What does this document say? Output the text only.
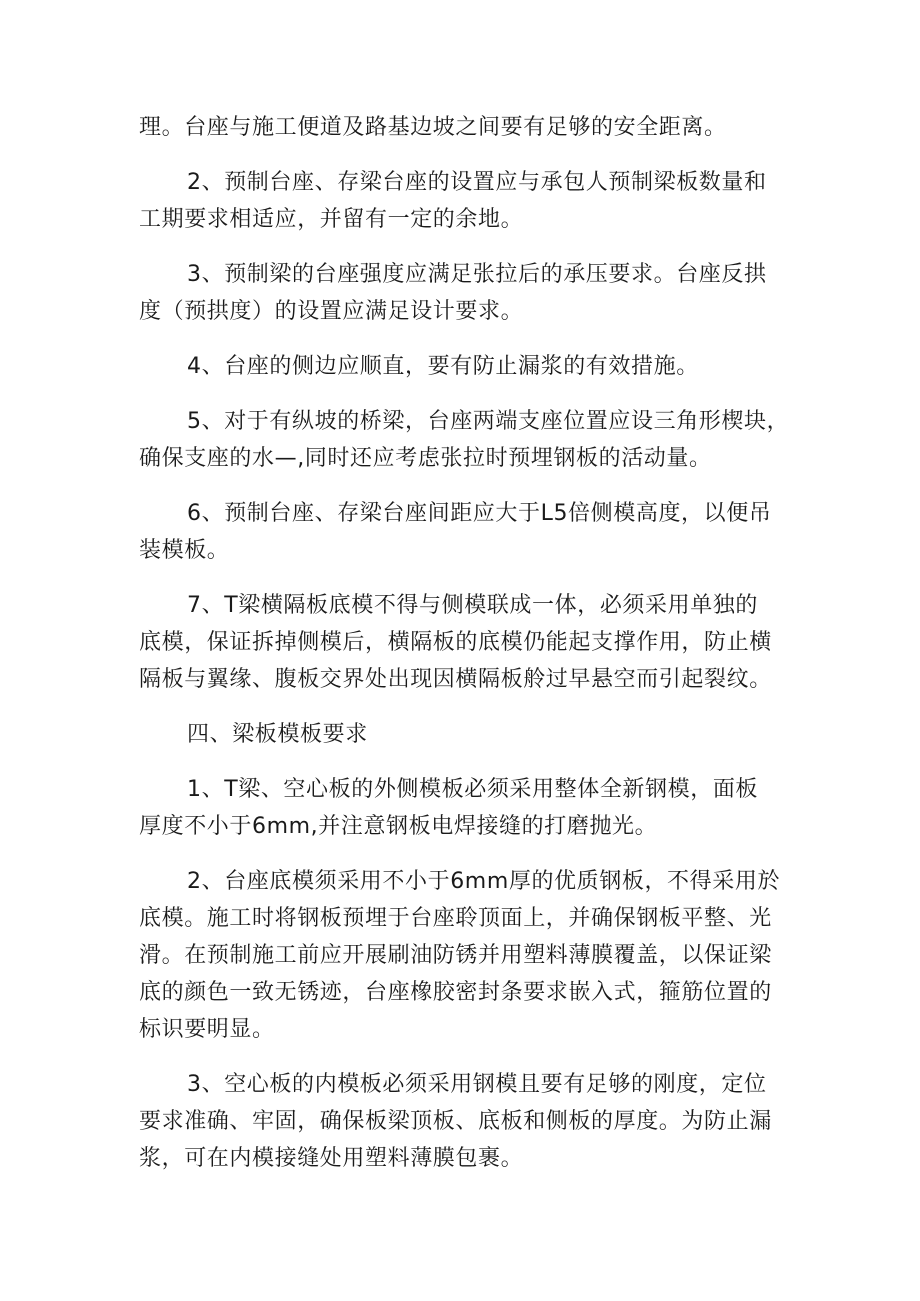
理。台座与施工便道及路基边坡之间要有足够的安全距离。
2、预制台座、存梁台座的设置应与承包人预制梁板数量和
工期要求相适应，并留有一定的余地。
3、预制梁的台座强度应满足张拉后的承压要求。台座反拱
度（预拱度）的设置应满足设计要求。
4、台座的侧边应顺直，要有防止漏浆的有效措施。
5、对于有纵坡的桥梁，台座两端支座位置应设三角形楔块，
确保支座的水—,同时还应考虑张拉时预埋钢板的活动量。
6、预制台座、存梁台座间距应大于L5倍侧模高度，以便吊
装模板。
7、T梁横隔板底模不得与侧模联成一体，必须采用单独的
底模，保证拆掉侧模后，横隔板的底模仍能起支撑作用，防止横
隔板与翼缘、腹板交界处出现因横隔板舲过早悬空而引起裂纹。
四、梁板模板要求
1、T梁、空心板的外侧模板必须采用整体全新钢模，面板
厚度不小于6mm,并注意钢板电焊接缝的打磨抛光。
2、台座底模须采用不小于6mm厚的优质钢板，不得采用於
底模。施工时将钢板预埋于台座聆顶面上，并确保钢板平整、光
滑。在预制施工前应开展刷油防锈并用塑料薄膜覆盖，以保证梁
底的颜色一致无锈迹，台座橡胶密封条要求嵌入式，箍筋位置的
标识要明显。
3、空心板的内模板必须采用钢模且要有足够的刚度，定位
要求准确、牢固，确保板梁顶板、底板和侧板的厚度。为防止漏
浆，可在内模接缝处用塑料薄膜包裹。
